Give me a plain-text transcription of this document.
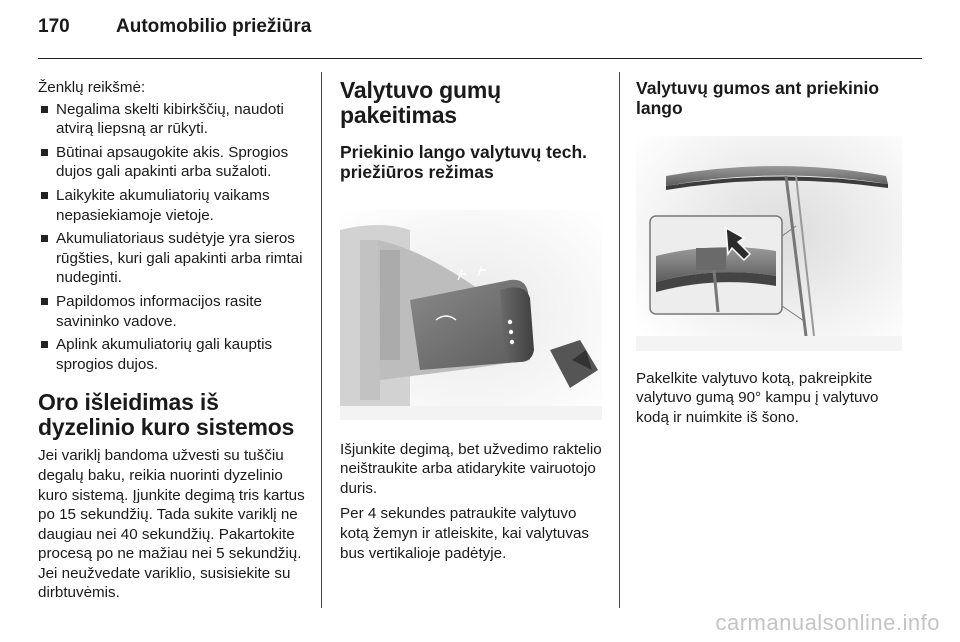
170 Automobilio priežiūra

Ženklų reikšmė:

Negalima skelti kibirkščių, naudoti atvirą liepsną ar rūkyti.
Būtinai apsaugokite akis. Sprogios dujos gali apakinti arba sužaloti.
Laikykite akumuliatorių vaikams nepasiekiamoje vietoje.
Akumuliatoriaus sudėtyje yra sieros rūgšties, kuri gali apakinti arba rimtai nudeginti.
Papildomos informacijos rasite savininko vadove.
Aplink akumuliatorių gali kauptis sprogios dujos.
Oro išleidimas iš dyzelinio kuro sistemos

Jei variklį bandoma užvesti su tuščiu degalų baku, reikia nuorinti dyzelinio kuro sistemą. Įjunkite degimą tris kartus po 15 sekundžių. Tada sukite variklį ne daugiau nei 40 sekundžių. Pakartokite procesą po ne mažiau nei 5 sekundžių. Jei neužvedate variklio, susisiekite su dirbtuvėmis.

Valytuvo gumų pakeitimas
Priekinio lango valytuvų tech. priežiūros režimas

Išjunkite degimą, bet užvedimo raktelio neištraukite arba atidarykite vairuotojo duris.

Per 4 sekundes patraukite valytuvo kotą žemyn ir atleiskite, kai valytuvas bus vertikalioje padėtyje.

Valytuvų gumos ant priekinio lango

Pakelkite valytuvo kotą, pakreipkite valytuvo gumą 90° kampu į valytuvo kodą ir nuimkite iš šono.

carmanualsonline.info
